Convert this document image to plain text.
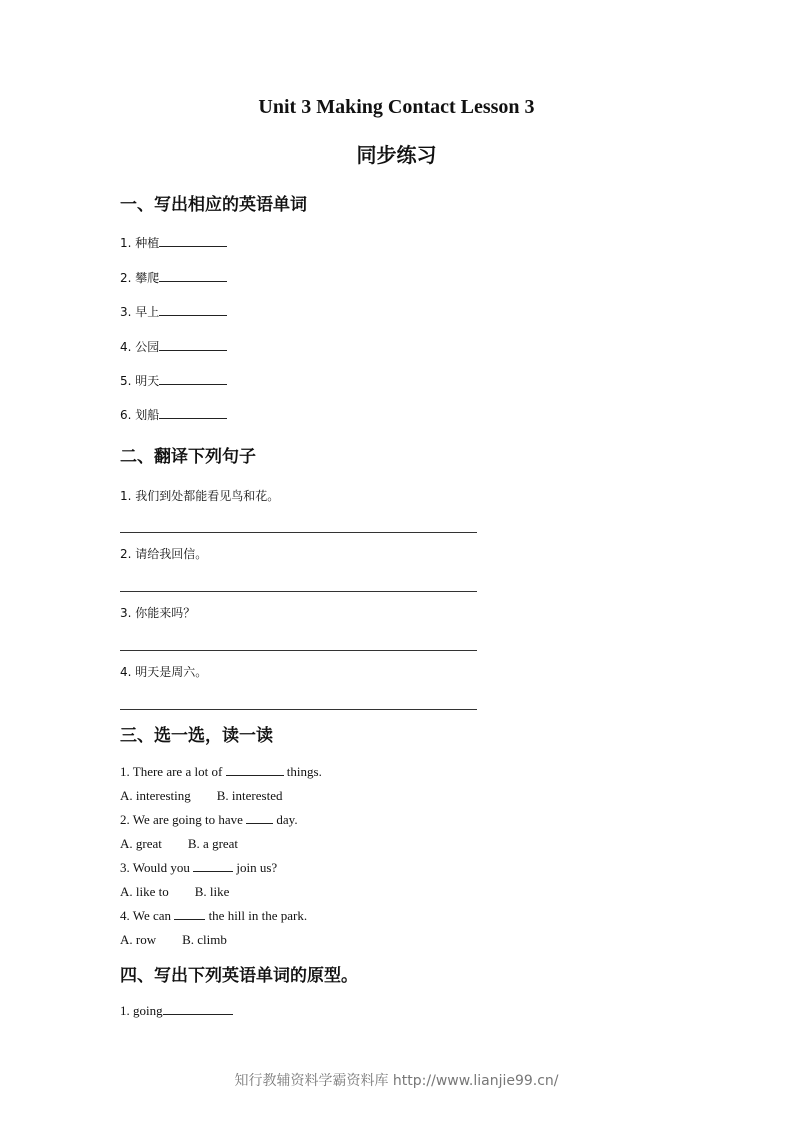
Unit 3 Making Contact Lesson 3
同步练习
一、写出相应的英语单词
1. 种植
2. 攀爬
3. 早上
4. 公园
5. 明天
6. 划船
二、翻译下列句子
1. 我们到处都能看见鸟和花。
2. 请给我回信。
3. 你能来吗？
4. 明天是周六。
三、选一选，读一读
1. There are a lot of	things.
A. interesting B. interested
2. We are going to have	day.
A. great B. a great
3. Would you	join us?
A. like to B. like
4. We can	the hill in the park.
A. row B. climb
四、写出下列英语单词的原型。
1. going
知行教辅资料学霸资料库 http://www.lianjie99.cn/
